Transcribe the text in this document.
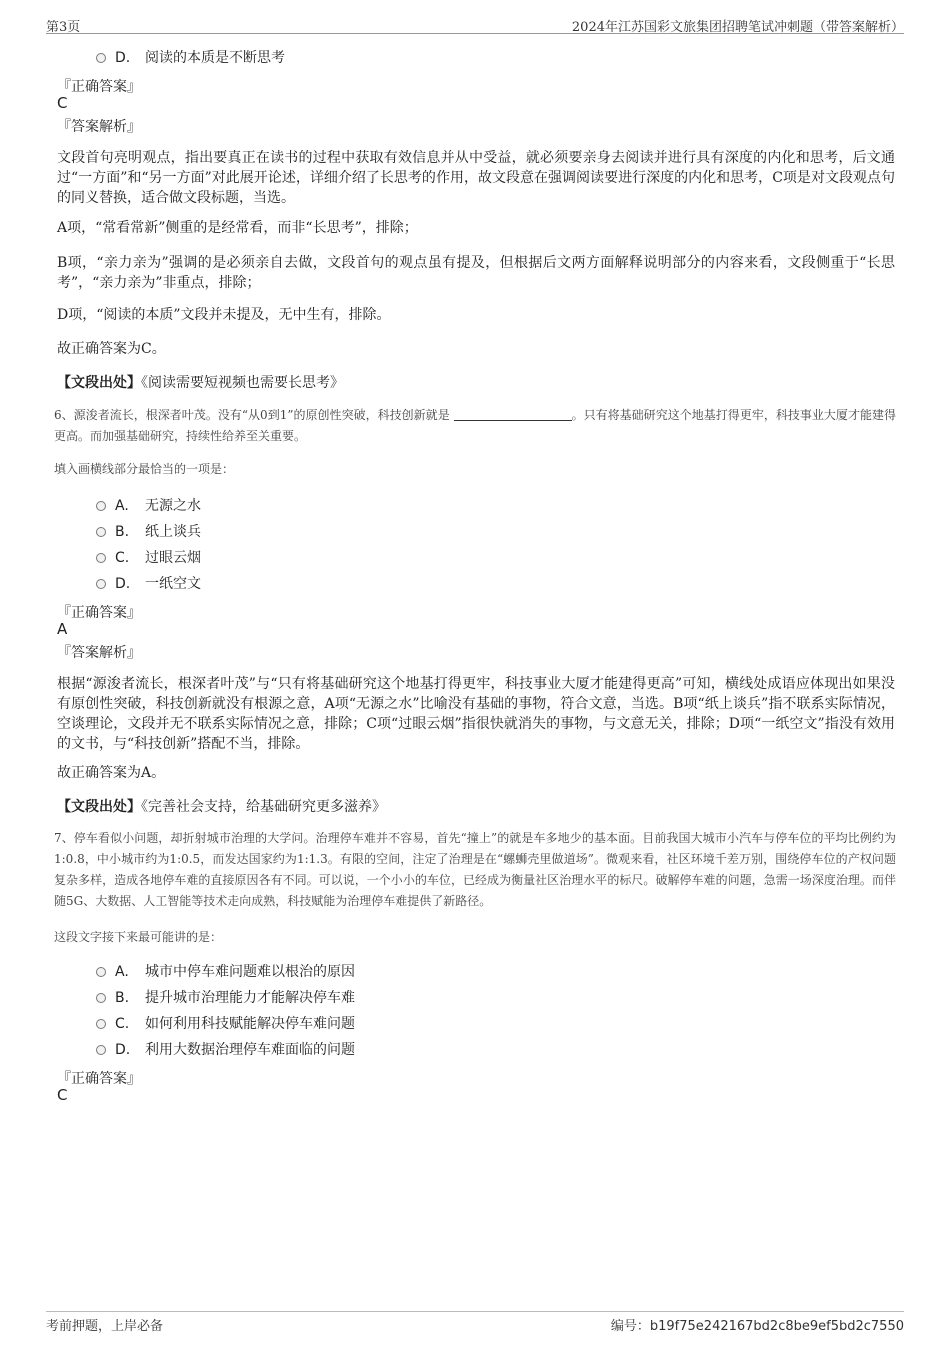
第3页	2024年江苏国彩文旅集团招聘笔试冲刺题（带答案解析）
D. 阅读的本质是不断思考
『正确答案』
C
『答案解析』
文段首句亮明观点，指出要真正在读书的过程中获取有效信息并从中受益，就必须要亲身去阅读并进行具有深度的内化和思考，后文通过“一方面”和“另一方面”对此展开论述，详细介绍了长思考的作用，故文段意在强调阅读要进行深度的内化和思考，C项是对文段观点句的同义替换，适合做文段标题，当选。
A项，“常看常新”侧重的是经常看，而非“长思考”，排除；
B项，“亲力亲为”强调的是必须亲自去做，文段首句的观点虽有提及，但根据后文两方面解释说明部分的内容来看，文段侧重于“长思考”，“亲力亲为”非重点，排除；
D项，“阅读的本质”文段并未提及，无中生有，排除。
故正确答案为C。
【文段出处】《阅读需要短视频也需要长思考》
6、源浚者流长，根深者叶茂。没有“从0到1”的原创性突破，科技创新就是	。只有将基础研究这个地基打得更牢，科技事业大厦才能建得更高。而加强基础研究，持续性给养至关重要。
填入画横线部分最恰当的一项是：
A. 无源之水
B. 纸上谈兵
C. 过眼云烟
D. 一纸空文
『正确答案』
A
『答案解析』
根据“源浚者流长，根深者叶茂”与“只有将基础研究这个地基打得更牢，科技事业大厦才能建得更高”可知，横线处成语应体现出如果没有原创性突破，科技创新就没有根源之意，A项“无源之水”比喻没有基础的事物，符合文意，当选。B项“纸上谈兵”指不联系实际情况，空谈理论，文段并无不联系实际情况之意，排除；C项“过眼云烟”指很快就消失的事物，与文意无关，排除；D项“一纸空文”指没有效用的文书，与“科技创新”搭配不当，排除。
故正确答案为A。
【文段出处】《完善社会支持，给基础研究更多滋养》
7、停车看似小问题，却折射城市治理的大学问。治理停车难并不容易，首先“撞上”的就是车多地少的基本面。目前我国大城市小汽车与停车位的平均比例约为1:0.8，中小城市约为1:0.5，而发达国家约为1:1.3。有限的空间，注定了治理是在“螺蛳壳里做道场”。微观来看，社区环境千差万别，围绕停车位的产权问题复杂多样，造成各地停车难的直接原因各有不同。可以说，一个小小的车位，已经成为衡量社区治理水平的标尺。破解停车难的问题，急需一场深度治理。而伴随5G、大数据、人工智能等技术走向成熟，科技赋能为治理停车难提供了新路径。
这段文字接下来最可能讲的是：
A. 城市中停车难问题难以根治的原因
B. 提升城市治理能力才能解决停车难
C. 如何利用科技赋能解决停车难问题
D. 利用大数据治理停车难面临的问题
『正确答案』
C
考前押题，上岸必备	编号：b19f75e242167bd2c8be9ef5bd2c7550
